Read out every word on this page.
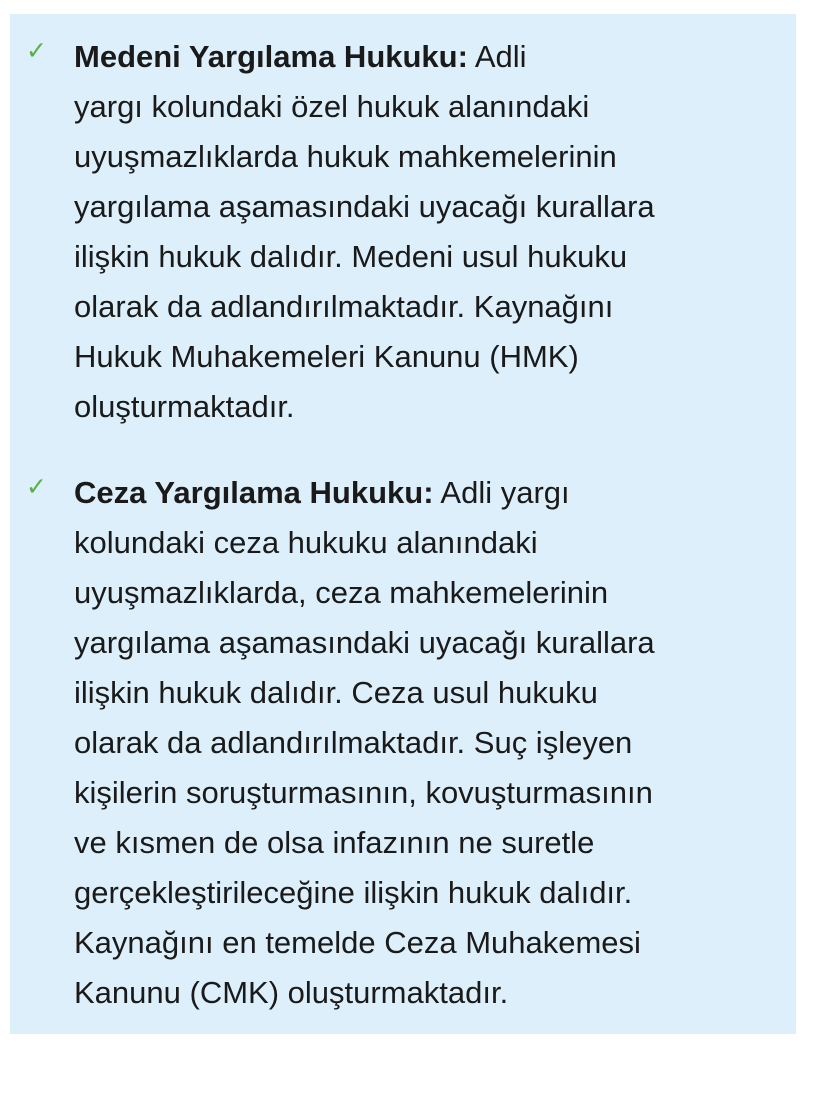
✓ Medeni Yargılama Hukuku: Adli
yargı kolundaki özel hukuk alanındaki
uyuşmazlıklarda hukuk mahkemelerinin
yargılama aşamasındaki uyacağı kurallara
ilişkin hukuk dalıdır. Medeni usul hukuku
olarak da adlandırılmaktadır. Kaynağını
Hukuk Muhakemeleri Kanunu (HMK)
oluşturmaktadır.
✓ Ceza Yargılama Hukuku: Adli yargı
kolundaki ceza hukuku alanındaki
uyuşmazlıklarda, ceza mahkemelerinin
yargılama aşamasındaki uyacağı kurallara
ilişkin hukuk dalıdır. Ceza usul hukuku
olarak da adlandırılmaktadır. Suç işleyen
kişilerin soruşturmasının, kovuşturmasının
ve kısmen de olsa infazının ne suretle
gerçekleştirileceğine ilişkin hukuk dalıdır.
Kaynağını en temelde Ceza Muhakemesi
Kanunu (CMK) oluşturmaktadır.
